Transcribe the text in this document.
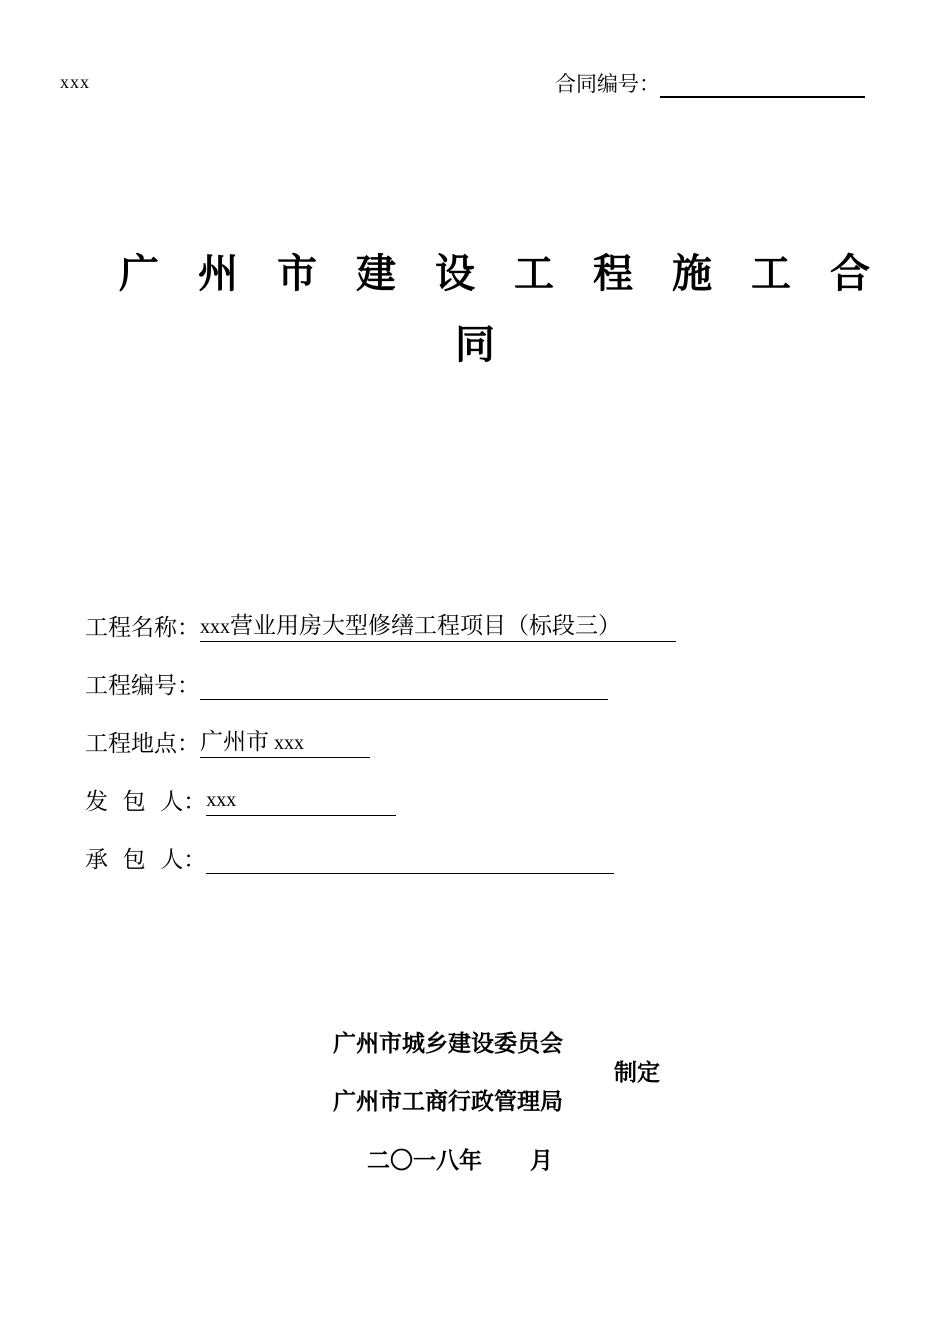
xxx	合同编号：
广州市建设工程施工合
同
工程名称： xxx营业用房大型修缮工程项目（标段三）
工程编号：
工程地点： 广州市 xxx
发  包  人： xxx
承  包  人：
广州市城乡建设委员会
制定
广州市工商行政管理局
二〇一八年      月
